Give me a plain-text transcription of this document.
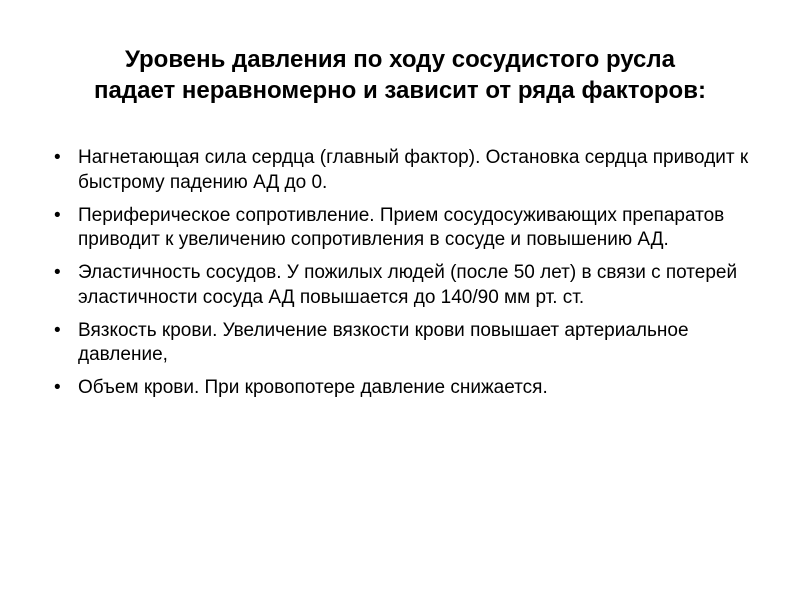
Уровень давления по ходу сосудистого русла
падает неравномерно и зависит от ряда факторов:
• Нагнетающая сила сердца (главный фактор). Остановка сердца приводит к быстрому падению АД до 0.
• Периферическое сопротивление. Прием сосудосуживающих препаратов приводит к увеличению сопротивления в сосуде и повышению АД.
• Эластичность сосудов. У пожилых людей (после 50 лет) в связи с потерей эластичности сосуда АД повышается до 140/90 мм рт. ст.
• Вязкость крови. Увеличение вязкости крови повышает артериальное давление,
• Объем крови. При кровопотере давление снижается.
